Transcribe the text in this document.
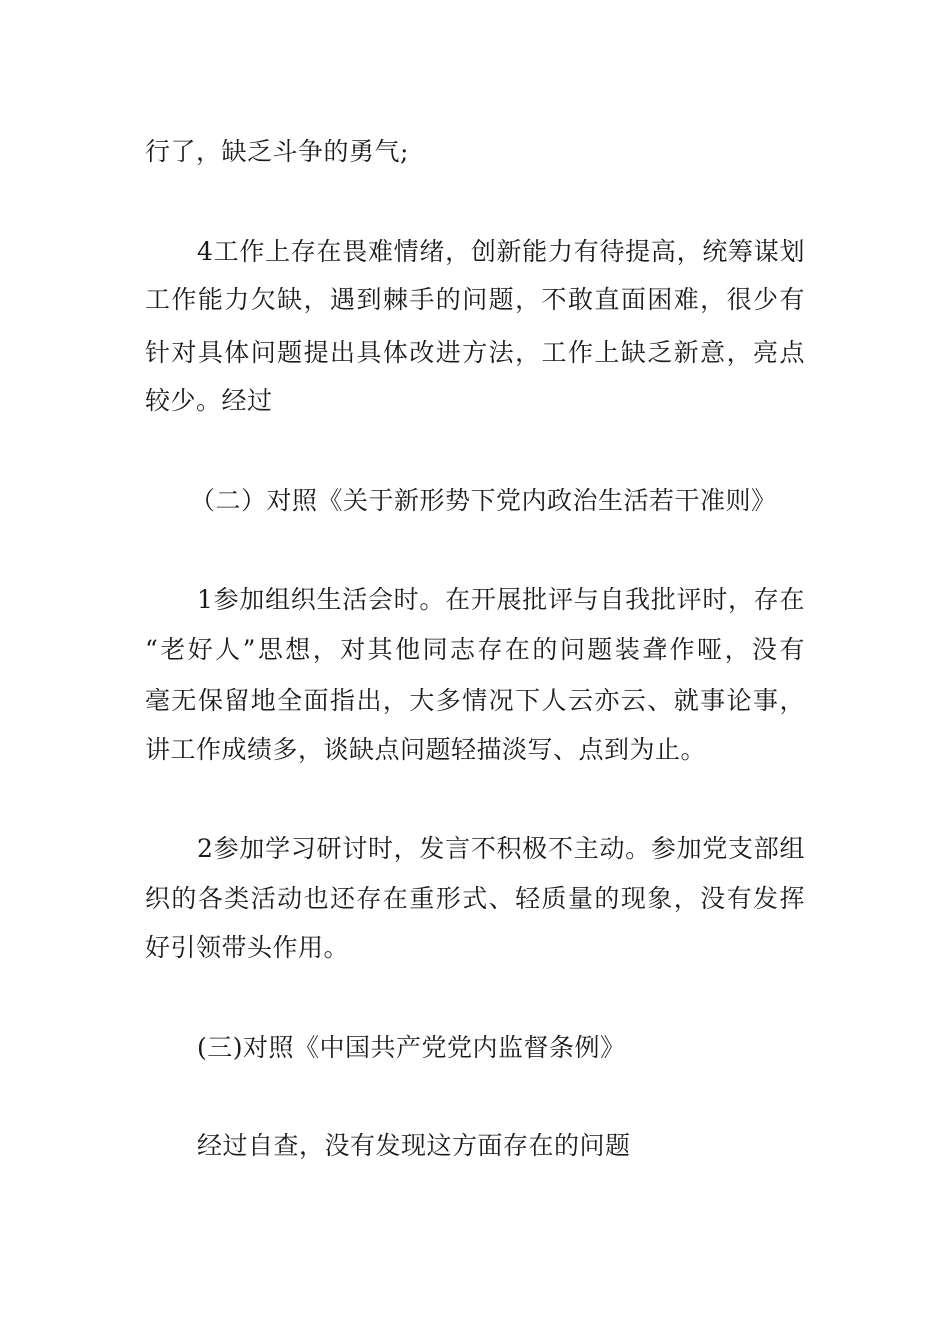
行了，缺乏斗争的勇气;
4工作上存在畏难情绪，创新能力有待提高，统筹谋划
工作能力欠缺，遇到棘手的问题，不敢直面困难，很少有
针对具体问题提出具体改进方法，工作上缺乏新意，亮点
较少。经过
（二）对照《关于新形势下党内政治生活若干准则》
1参加组织生活会时。在开展批评与自我批评时，存在
“老好人”思想，对其他同志存在的问题装聋作哑，没有
毫无保留地全面指出，大多情况下人云亦云、就事论事，
讲工作成绩多，谈缺点问题轻描淡写、点到为止。
2参加学习研讨时，发言不积极不主动。参加党支部组
织的各类活动也还存在重形式、轻质量的现象，没有发挥
好引领带头作用。
(三)对照《中国共产党党内监督条例》
经过自查，没有发现这方面存在的问题
